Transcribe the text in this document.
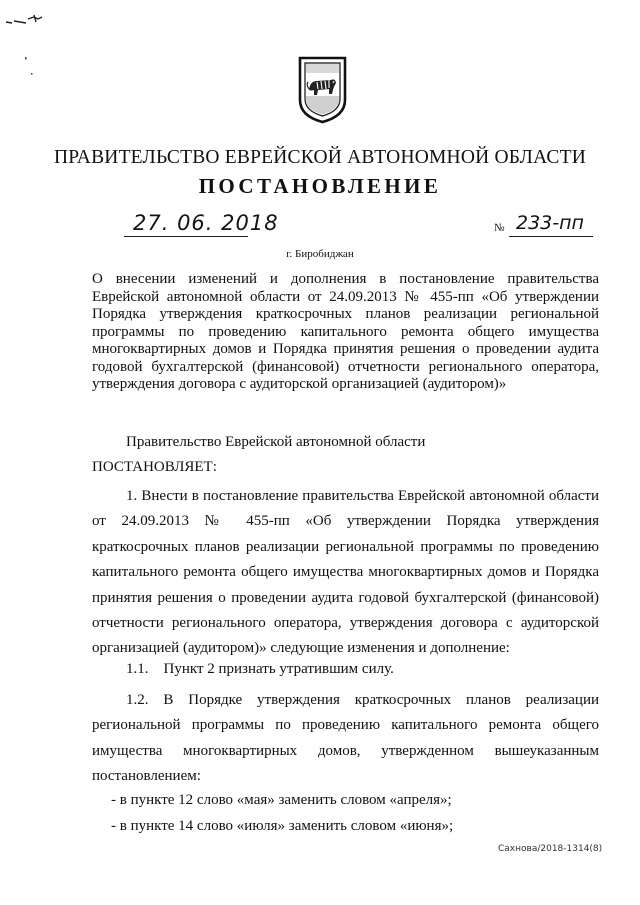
ПРАВИТЕЛЬСТВО ЕВРЕЙСКОЙ АВТОНОМНОЙ ОБЛАСТИ
ПОСТАНОВЛЕНИЕ
27. 06. 2018	№ 233-пп
г. Биробиджан
О внесении изменений и дополнения в постановление правительства Еврейской автономной области от 24.09.2013 № 455-пп «Об утверждении Порядка утверждения краткосрочных планов реализации региональной программы по проведению капитального ремонта общего имущества многоквартирных домов и Порядка принятия решения о проведении аудита годовой бухгалтерской (финансовой) отчетности регионального оператора, утверждения договора с аудиторской организацией (аудитором)»
Правительство Еврейской автономной области
ПОСТАНОВЛЯЕТ:
1. Внести в постановление правительства Еврейской автономной области от 24.09.2013 № 455-пп «Об утверждении Порядка утверждения краткосрочных планов реализации региональной программы по проведению капитального ремонта общего имущества многоквартирных домов и Порядка принятия решения о проведении аудита годовой бухгалтерской (финансовой) отчетности регионального оператора, утверждения договора с аудиторской организацией (аудитором)» следующие изменения и дополнение:
1.1.    Пункт 2 признать утратившим силу.
1.2. В Порядке утверждения краткосрочных планов реализации региональной программы по проведению капитального ремонта общего имущества многоквартирных домов, утвержденном вышеуказанным постановлением:
- в пункте 12 слово «мая» заменить словом «апреля»;
- в пункте 14 слово «июля» заменить словом «июня»;
Сахнова/2018-1314(8)
